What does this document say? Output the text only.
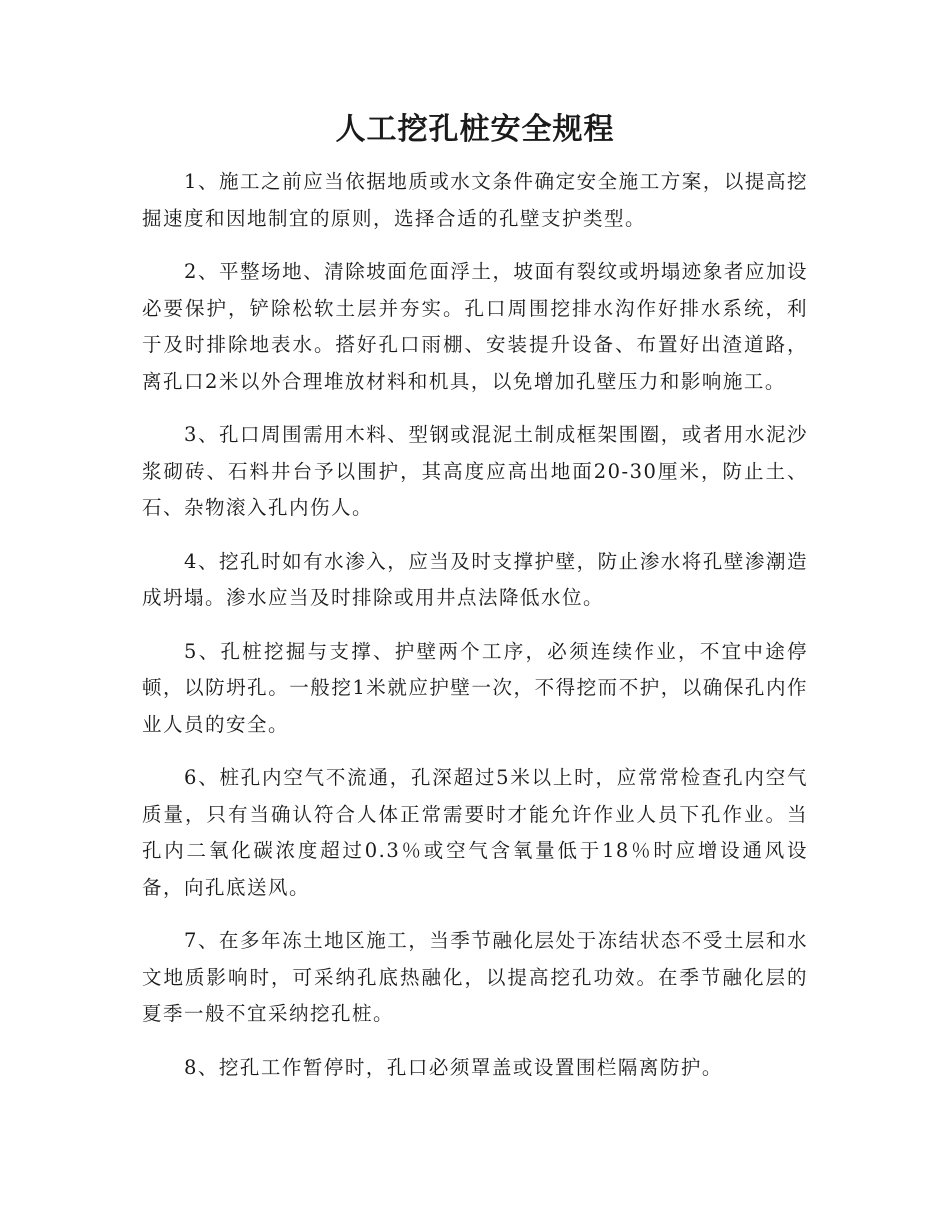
人工挖孔桩安全规程

1、施工之前应当依据地质或水文条件确定安全施工方案，以提高挖掘速度和因地制宜的原则，选择合适的孔壁支护类型。

2、平整场地、清除坡面危面浮土，坡面有裂纹或坍塌迹象者应加设必要保护，铲除松软土层并夯实。孔口周围挖排水沟作好排水系统，利于及时排除地表水。搭好孔口雨棚、安装提升设备、布置好出渣道路，离孔口2米以外合理堆放材料和机具，以免增加孔壁压力和影响施工。

3、孔口周围需用木料、型钢或混泥土制成框架围圈，或者用水泥沙浆砌砖、石料井台予以围护，其高度应高出地面20-30厘米，防止土、石、杂物滚入孔内伤人。

4、挖孔时如有水渗入，应当及时支撑护壁，防止渗水将孔壁渗潮造成坍塌。渗水应当及时排除或用井点法降低水位。

5、孔桩挖掘与支撑、护壁两个工序，必须连续作业，不宜中途停顿，以防坍孔。一般挖1米就应护壁一次，不得挖而不护，以确保孔内作业人员的安全。

6、桩孔内空气不流通，孔深超过5米以上时，应常常检查孔内空气质量，只有当确认符合人体正常需要时才能允许作业人员下孔作业。当孔内二氧化碳浓度超过0.3％或空气含氧量低于18％时应增设通风设备，向孔底送风。

7、在多年冻土地区施工，当季节融化层处于冻结状态不受土层和水文地质影响时，可采纳孔底热融化，以提高挖孔功效。在季节融化层的夏季一般不宜采纳挖孔桩。

8、挖孔工作暂停时，孔口必须罩盖或设置围栏隔离防护。
